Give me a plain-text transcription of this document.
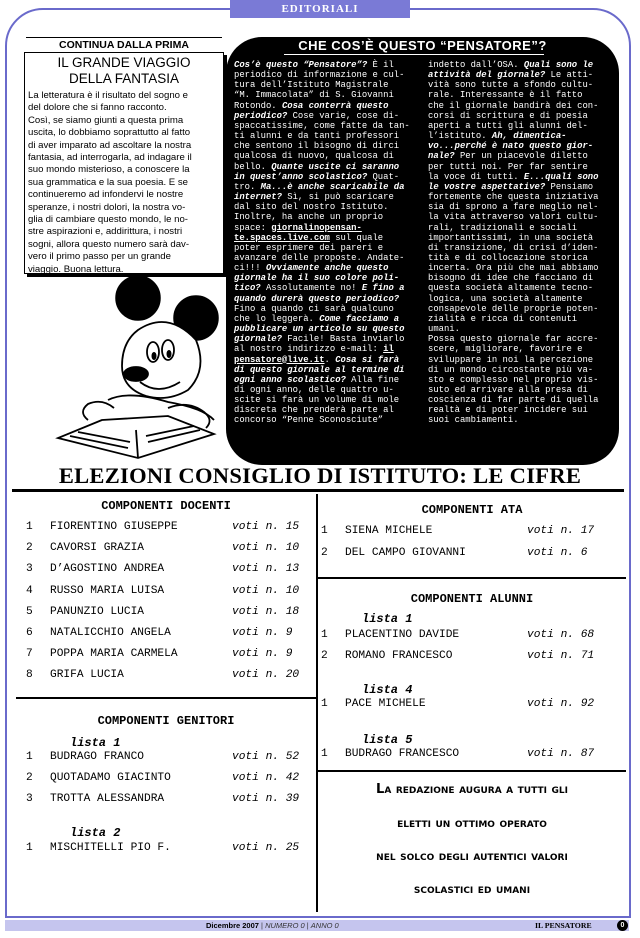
EDITORIALI
CONTINUA DALLA PRIMA
IL GRANDE VIAGGIO
DELLA FANTASIA
La letteratura è il risultato del sogno e
del dolore che si fanno racconto.
Così, se siamo giunti a questa prima
uscita, lo dobbiamo soprattutto al fatto
di aver imparato ad ascoltare la nostra
fantasia, ad interrogarla, ad indagare il
suo mondo misterioso, a conoscere la
sua grammatica e la sua poesia. E se
continueremo ad infondervi le nostre
speranze, i nostri dolori, la nostra vo-
glia di cambiare questo mondo, le no-
stre aspirazioni e, addirittura, i nostri
sogni, allora questo numero sarà dav-
vero il primo passo per un grande
viaggio. Buona lettura.
CHE COS’È QUESTO “PENSATORE”?
Cos’è questo “Pensatore”? È il
periodico di informazione e cul-
tura dell’Istituto Magistrale
“M. Immacolata” di S. Giovanni
Rotondo. Cosa conterrà questo
periodico? Cose varie, cose di-
spaccatissime, come fatte da tan-
ti alunni e da tanti professori
che sentono il bisogno di dirci
qualcosa di nuovo, qualcosa di
bello. Quante uscite ci saranno
in quest’anno scolastico? Quat-
tro. Ma...è anche scaricabile da
internet? Sì, si può scaricare
dal sito del nostro Istituto.
Inoltre, ha anche un proprio
space: giornalinopensan-
te.spaces.live.com sul quale
poter esprimere dei pareri e
avanzare delle proposte. Andate-
ci!!! Ovviamente anche questo
giornale ha il suo colore poli-
tico? Assolutamente no! E fino a
quando durerà questo periodico?
Fino a quando ci sarà qualcuno
che lo leggerà. Come facciamo a
pubblicare un articolo su questo
giornale? Facile! Basta inviarlo
al nostro indirizzo e-mail: il
pensatore@live.it. Cosa si farà
di questo giornale al termine di
ogni anno scolastico? Alla fine
di ogni anno, delle quattro u-
scite si farà un volume di mole
discreta che prenderà parte al
concorso “Penne Sconosciute”
indetto dall’OSA. Quali sono le
attività del giornale? Le atti-
vità sono tutte a sfondo cultu-
rale. Interessante è il fatto
che il giornale bandirà dei con-
corsi di scrittura e di poesia
aperti a tutti gli alunni del-
l’istituto. Ah, dimentica-
vo...perché è nato questo gior-
nale? Per un piacevole diletto
per tutti noi. Per far sentire
la voce di tutti. E...quali sono
le vostre aspettative? Pensiamo
fortemente che questa iniziativa
sia di sprono a fare meglio nel-
la vita attraverso valori cultu-
rali, tradizionali e sociali
importantissimi, in una società
di transizione, di crisi d’iden-
tità e di collocazione storica
incerta. Ora più che mai abbiamo
bisogno di idee che facciano di
questa società altamente tecno-
logica, una società altamente
consapevole delle proprie poten-
zialità e ricca di contenuti
umani.
Possa questo giornale far accre-
scere, migliorare, favorire e
sviluppare in noi la percezione
di un mondo circostante più va-
sto e complesso nel proprio vis-
suto ed arrivare alla presa di
coscienza di far parte di quella
realtà e di poter incidere sui
suoi cambiamenti.
ELEZIONI CONSIGLIO DI ISTITUTO: LE CIFRE
COMPONENTI DOCENTI
1 FIORENTINO GIUSEPPE	voti n. 15
2 CAVORSI GRAZIA	voti n. 10
3 D’AGOSTINO ANDREA	voti n. 13
4 RUSSO MARIA LUISA	voti n. 10
5 PANUNZIO LUCIA	voti n. 18
6 NATALICCHIO ANGELA	voti n. 9
7 POPPA MARIA CARMELA	voti n. 9
8 GRIFA LUCIA	voti n. 20
COMPONENTI GENITORI
lista 1
1 BUDRAGO FRANCO	voti n. 52
2 QUOTADAMO GIACINTO	voti n. 42
3 TROTTA ALESSANDRA	voti n. 39
lista 2
1 MISCHITELLI PIO F.	voti n. 25
COMPONENTI ATA
1 SIENA MICHELE	voti n. 17
2 DEL CAMPO GIOVANNI	voti n. 6
COMPONENTI ALUNNI
lista 1
1 PLACENTINO DAVIDE	voti n. 68
2 ROMANO FRANCESCO	voti n. 71
lista 4
1 PACE MICHELE	voti n. 92
lista 5
1 BUDRAGO FRANCESCO	voti n. 87
La redazione augura a tutti gli
eletti un ottimo operato
nel solco degli autentici valori
scolastici ed umani
Dicembre 2007 | NUMERO 0 | ANNO 0	IL PENSATORE	0
